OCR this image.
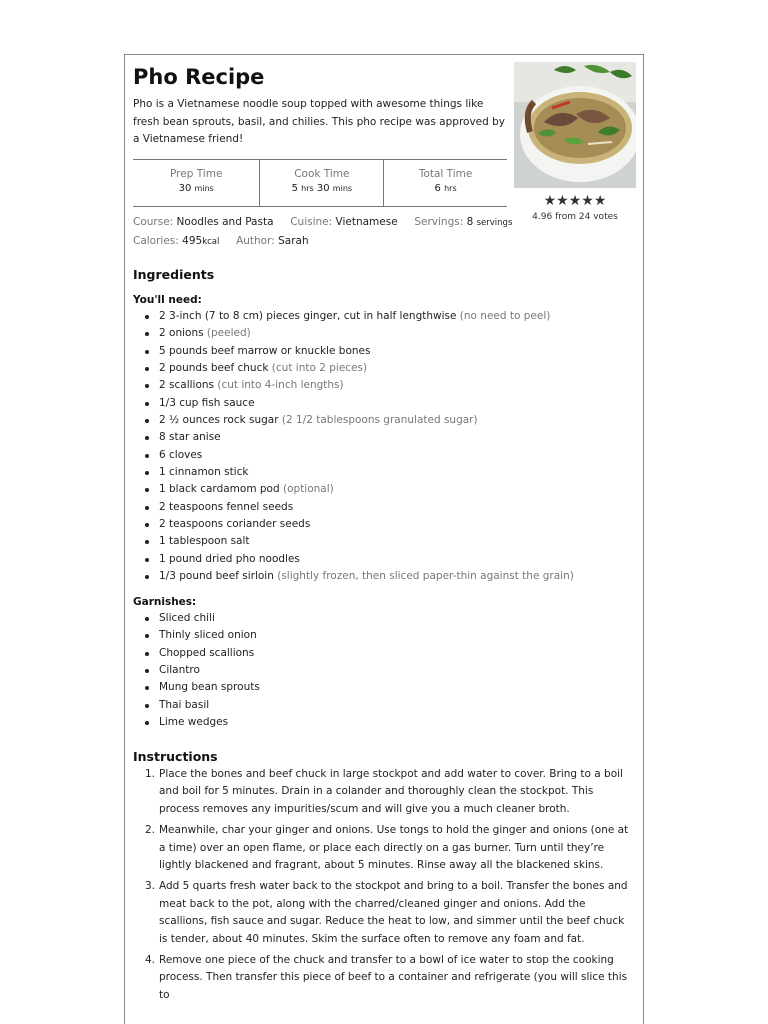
Pho Recipe

Pho is a Vietnamese noodle soup topped with awesome things like fresh bean sprouts, basil, and chilies. This pho recipe was approved by a Vietnamese friend!

★★★★★
4.96 from 24 votes
Prep Time
30 mins
Cook Time
5 hrs 30 mins
Total Time
6 hrs
Course: Noodles and Pasta Cuisine: Vietnamese Servings: 8 servings
Calories: 495kcal Author: Sarah
Ingredients
You'll need:
2 3-inch (7 to 8 cm) pieces ginger, cut in half lengthwise (no need to peel)
2 onions (peeled)
5 pounds beef marrow or knuckle bones
2 pounds beef chuck (cut into 2 pieces)
2 scallions (cut into 4-inch lengths)
1/3 cup fish sauce
2 ½ ounces rock sugar (2 1/2 tablespoons granulated sugar)
8 star anise
6 cloves
1 cinnamon stick
1 black cardamom pod (optional)
2 teaspoons fennel seeds
2 teaspoons coriander seeds
1 tablespoon salt
1 pound dried pho noodles
1/3 pound beef sirloin (slightly frozen, then sliced paper-thin against the grain)
Garnishes:
Sliced chili
Thinly sliced onion
Chopped scallions
Cilantro
Mung bean sprouts
Thai basil
Lime wedges
Instructions
1. Place the bones and beef chuck in large stockpot and add water to cover. Bring to a boil and boil for 5 minutes. Drain in a colander and thoroughly clean the stockpot. This process removes any impurities/scum and will give you a much cleaner broth.
2. Meanwhile, char your ginger and onions. Use tongs to hold the ginger and onions (one at a time) over an open flame, or place each directly on a gas burner. Turn until they’re lightly blackened and fragrant, about 5 minutes. Rinse away all the blackened skins.
3. Add 5 quarts fresh water back to the stockpot and bring to a boil. Transfer the bones and meat back to the pot, along with the charred/cleaned ginger and onions. Add the scallions, fish sauce and sugar. Reduce the heat to low, and simmer until the beef chuck is tender, about 40 minutes. Skim the surface often to remove any foam and fat.
4. Remove one piece of the chuck and transfer to a bowl of ice water to stop the cooking process. Then transfer this piece of beef to a container and refrigerate (you will slice this to
